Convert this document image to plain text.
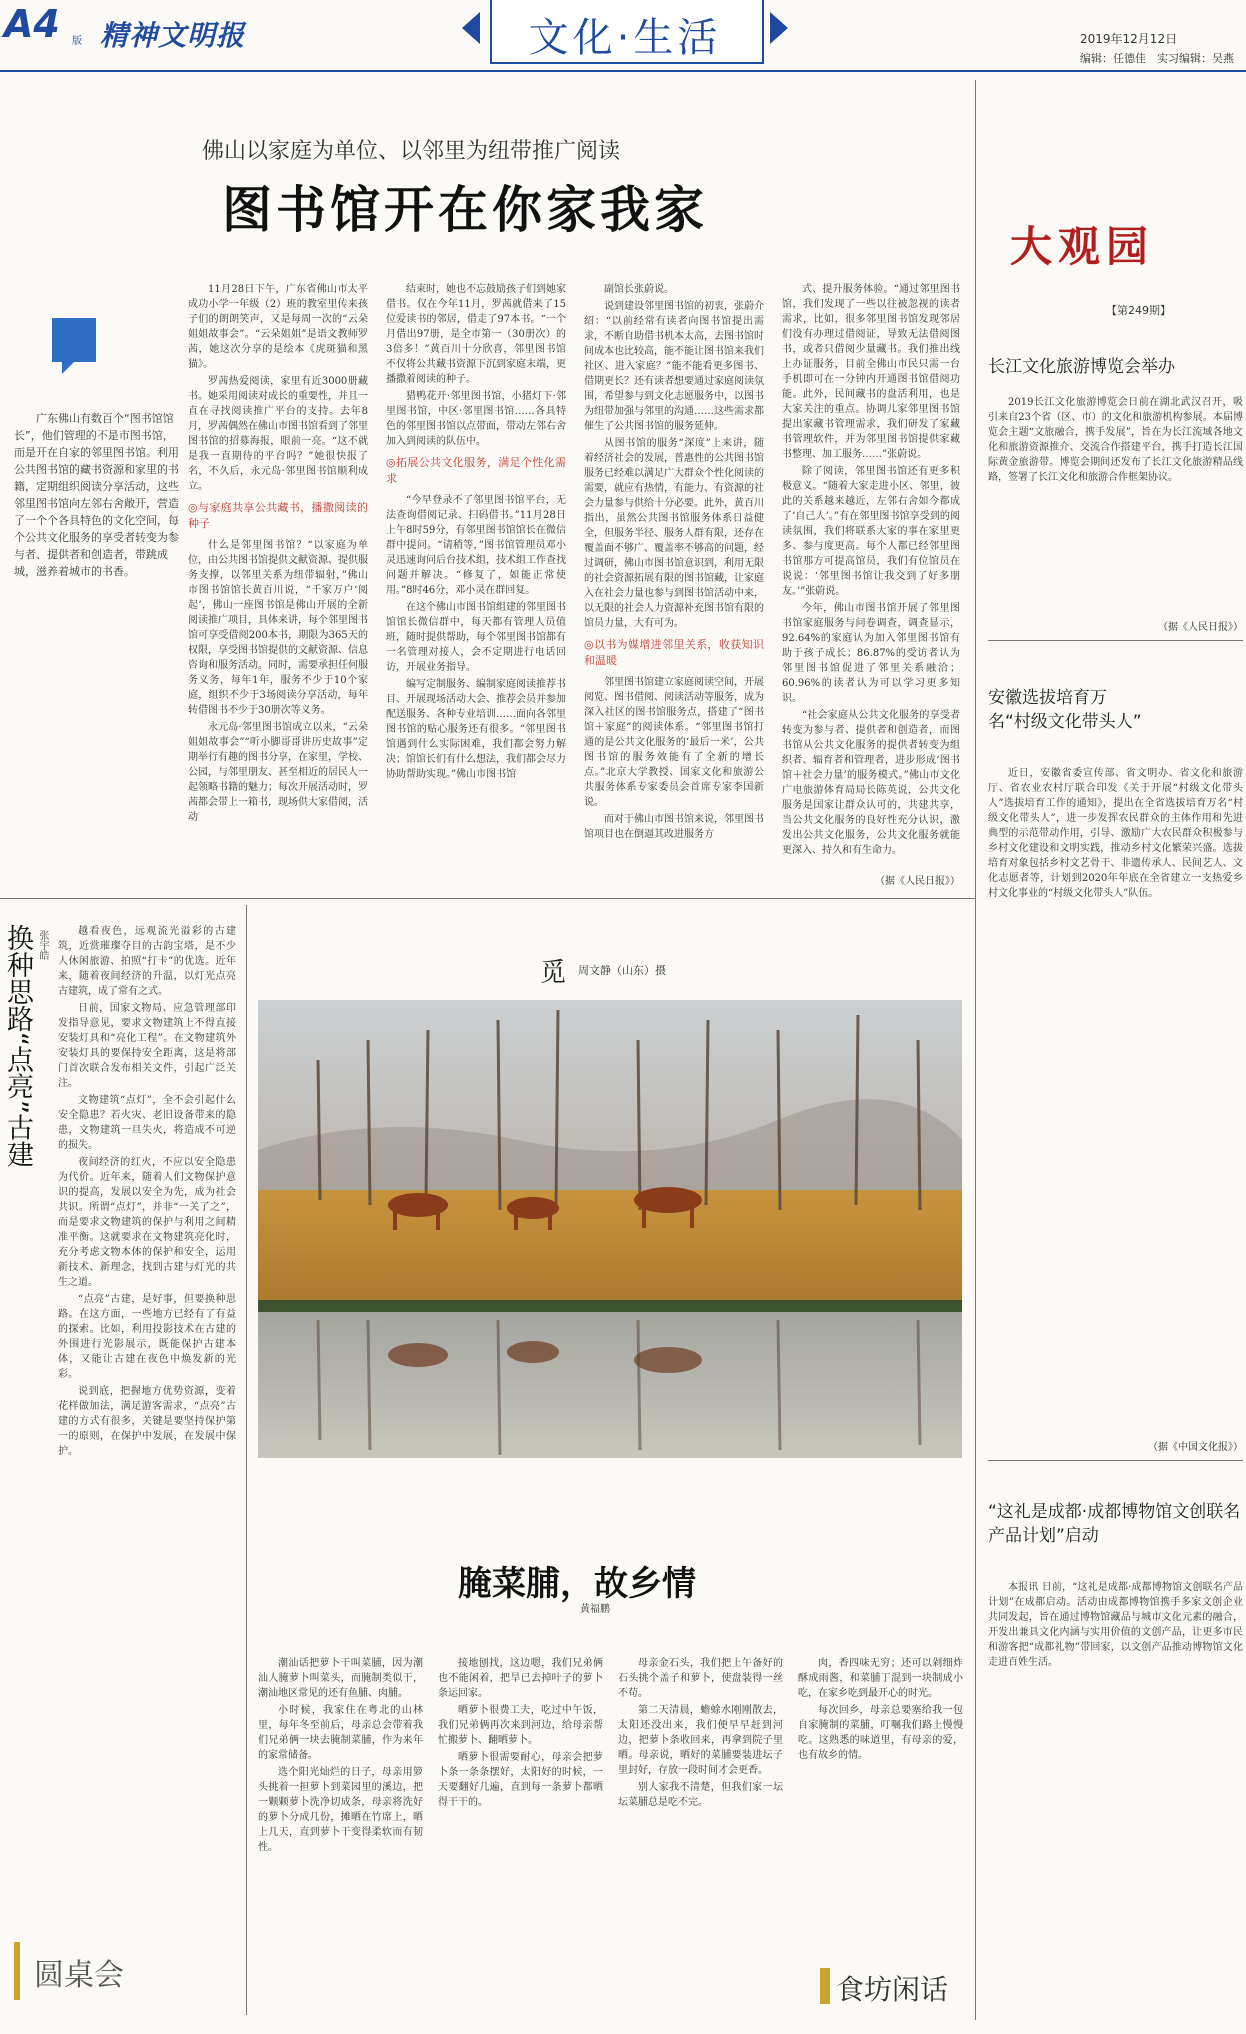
A4 版 精神文明报	文化·生活	2019年12月12日
编辑：任德佳　实习编辑：吴燕
佛山以家庭为单位、以邻里为纽带推广阅读
图书馆开在你家我家

广东佛山有数百个“图书馆馆长”，他们管理的不是市图书馆，而是开在自家的邻里图书馆。利用公共图书馆的藏书资源和家里的书籍，定期组织阅读分享活动，这些邻里图书馆向左邻右舍敞开，营造了一个个各具特色的文化空间，每个公共文化服务的享受者转变为参与者、提供者和创造者，带跳成城，滋养着城市的书香。

11月28日下午，广东省佛山市太平成功小学一年级（2）班的教室里传来孩子们的朗朗笑声，又是每周一次的“云朵姐姐故事会”。“云朵姐姐”是语文教师罗茜，她这次分享的是绘本《虎斑猫和黑猫》。

罗茜热爱阅读，家里有近3000册藏书。她采用阅读对成长的重要性，并且一直在寻找阅读推广平台的支持。去年8月，罗茜偶然在佛山市图书馆看到了邻里图书馆的招募海报，眼前一亮。“这不就是我一直期待的平台吗？”她很快报了名，不久后，永元岛·邻里图书馆顺利成立。

◎与家庭共享公共藏书，播撒阅读的种子

什么是邻里图书馆？“以家庭为单位，由公共图书馆提供文献资源、提供服务支撑，以邻里关系为纽带辐射，”佛山市图书馆馆长黄百川说，“千家万户‘阅起’，佛山一座图书馆是佛山开展的全新阅读推广项目，具体来讲，每个邻里图书馆可享受借阅200本书，期限为365天的权限，享受图书馆提供的文献资源、信息咨询和服务活动。同时，需要承担任何服务义务，每年1年，服务不少于10个家庭，组织不少于3场阅读分享活动，每年转借图书不少于30册次等义务。

永元岛·邻里图书馆成立以来，“云朵姐姐故事会”“听小脚哥哥讲历史故事”定期举行有趣的图书分享，在家里，学校、公园，与邻里朋友、甚至相近的居民人一起领略书籍的魅力；每次开展活动时，罗茜都会带上一箱书，现场供大家借阅，活动

结束时，她也不忘鼓励孩子们到她家借书。仅在今年11月，罗茜就借来了15位爱读书的邻居，借走了97本书。“一个月借出97册，是全市第一（30册次）的3倍多！”黄百川十分欣喜，邻里图书馆不仅将公共藏书资源下沉到家庭末端，更播撒着阅读的种子。

猎鸭花开·邻里图书馆，小猪灯下·邻里图书馆，中区·邻里图书馆……各具特色的邻里图书馆以点带面，带动左邻右舍加入到阅读的队伍中。

◎拓展公共文化服务，满足个性化需求

“今早登录不了邻里图书馆平台，无法查询借阅记录、扫码借书。”11月28日上午8时59分，有邻里图书馆馆长在微信群中提问。“请稍等，”图书馆管理员邓小灵迅速询问后台技术组，技术组工作查找问题并解决。“修复了，如能正常使用。”8时46分，邓小灵在群回复。

在这个佛山市图书馆组建的邻里图书馆馆长微信群中，每天都有管理人员值班，随时提供帮助，每个邻里图书馆都有一名管理对接人，会不定期进行电话回访，开展业务指导。

编写定制服务、编制家庭阅读推荐书目、开展现场活动大会、推荐会员并参加配送服务、各种专业培训……面向各邻里图书馆的贴心服务还有很多。“邻里图书馆遇到什么实际困难，我们都会努力解决；馆馆长们有什么想法，我们都会尽力协助帮助实现。”佛山市图书馆

副馆长张蔚说。

说到建设邻里图书馆的初衷，张蔚介绍：“以前经常有读者向图书馆提出需求，不断自助借书机本太高，去图书馆时间成本也比较高，能不能让图书馆来我们社区、进入家庭？”能不能看更多图书、借期更长？还有读者想要通过家庭阅读氛围，希望参与到文化志愿服务中，以图书为纽带加强与邻里的沟通……这些需求都催生了公共图书馆的服务延伸。

从图书馆的服务“深度”上来讲，随着经济社会的发展，普惠性的公共图书馆服务已经难以满足广大群众个性化阅读的需要，就应有热情，有能力、有资源的社会力量参与供给十分必要。此外，黄百川指出，虽然公共图书馆服务体系日益健全，但服务半径、服务人群有限，还存在覆盖面不够广、覆盖率不够高的问题，经过调研，佛山市图书馆意识到，利用无限的社会资源拓展有限的图书馆藏，让家庭入在社会力量也参与到图书馆活动中来，以无限的社会人力资源补充图书馆有限的馆员力量，大有可为。

◎以书为媒增进邻里关系，收获知识和温暖

邻里图书馆建立家庭阅读空间，开展阅览、图书借阅、阅读活动等服务，成为深入社区的图书馆服务点，搭建了“图书馆＋家庭”的阅读体系。“邻里图书馆打通的是公共文化服务的‘最后一米’，公共图书馆的服务效能有了全新的增长点。”北京大学教授、国家文化和旅游公共服务体系专家委员会首席专家李国新说。

而对于佛山市图书馆来说，邻里图书馆项目也在倒逼其改进服务方

式、提升服务体验。“通过邻里图书馆，我们发现了一些以往被忽视的读者需求，比如，很多邻里图书馆发现邻居们没有办理过借阅证，导致无法借阅图书，或者只借阅少量藏书。我们推出线上办证服务，目前全佛山市民只需一台手机即可在一分钟内开通图书馆借阅功能。此外，民间藏书的盘活利用，也是大家关注的重点。协调儿家邻里图书馆提出家藏书管理需求，我们研发了家藏书管理软件，并为邻里图书馆提供家藏书整理、加工服务……”张蔚说。

除了阅读，邻里图书馆还有更多积极意义。“随着大家走进小区、邻里，彼此的关系越来越近，左邻右舍如今都成了‘自己人’。”有在邻里图书馆享受到的阅读氛围，我们将联系大家的事在家里更多、参与度更高。每个人都已经邻里图书馆那方可提高馆员，我们有位馆员在说说：‘邻里图书馆让我交到了好多朋友。’”张蔚说。

今年，佛山市图书馆开展了邻里图书馆家庭服务与问卷调查，调查显示，92.64%的家庭认为加入邻里图书馆有助于孩子成长；86.87%的受访者认为邻里图书馆促进了邻里关系融洽；60.96%的读者认为可以学习更多知识。

“社会家庭从公共文化服务的享受者转变为参与者、提供者和创造者，而图书馆从公共文化服务的提供者转变为组织者、辐育者和管理者，进步形成‘图书馆＋社会力量’的服务模式。”佛山市文化广电旅游体育局局长陈英说，公共文化服务是国家让群众认可的，共建共享，当公共文化服务的良好性充分认识，激发出公共文化服务，公共文化服务就能更深入、持久和有生命力。

（据《人民日报》）
换种思路“点亮”古建 张宇皓	越看夜色，远观流光溢彩的古建筑，近赏璀璨夺目的古韵宝塔，是不少人休闲旅游、拍照“打卡”的优选。近年来，随着夜间经济的升温，以灯光点亮古建筑，成了常有之式。

日前，国家文物局、应急管理部印发指导意见，要求文物建筑上不得直接安装灯具和“亮化工程”。在文物建筑外安装灯具的要保持安全距离，这是将部门首次联合发布相关文件，引起广泛关注。

文物建筑“点灯”，全不会引起什么安全隐患？若火灾、老旧设备带来的隐患，文物建筑一旦失火，将造成不可逆的损失。

夜间经济的红火，不应以安全隐患为代价。近年来，随着人们文物保护意识的提高，发展以安全为先，成为社会共识。所谓“点灯”，并非“一关了之”，而是要求文物建筑的保护与利用之间精准平衡。这就要求在文物建筑亮化时，充分考虑文物本体的保护和安全，运用新技术、新理念，找到古建与灯光的共生之道。

“点亮”古建，是好事，但要换种思路。在这方面，一些地方已经有了有益的探索。比如，利用投影技术在古建的外围进行光影展示，既能保护古建本体，又能让古建在夜色中焕发新的光彩。

说到底，把握地方优势资源，变着花样做加法，满足游客需求，“点亮”古建的方式有很多，关键是要坚持保护第一的原则，在保护中发展，在发展中保护。

圆桌会
觅 周文静（山东）摄
腌菜脯，故乡情
黄福鹏

潮汕话把萝卜干叫菜脯，因为潮汕人腌萝卜叫菜头，而腌制类似干，潮汕地区常见的还有鱼脯、肉脯。

小时候，我家住在粤北的山林里，每年冬至前后，母亲总会带着我们兄弟俩一块去腌制菜脯，作为来年的家常储备。

选个阳光灿烂的日子，母亲用箩头挑着一担萝卜到菜园里的溪边，把一颗颗萝卜洗净切成条，母亲将洗好的萝卜分成几份，摊晒在竹席上，晒上几天，直到萝卜干变得柔软而有韧性。

接地刨找，这边嗯，我们兄弟俩也不能闲着，把旱已去掉叶子的萝卜条运回家。

晒萝卜很费工夫，吃过中午饭，我们兄弟俩再次来到河边，给母亲帮忙搬萝卜、翻晒萝卜。

晒萝卜很需要耐心，母亲会把萝卜条一条条摆好，太阳好的时候，一天要翻好几遍，直到每一条萝卜都晒得干干的。

母亲金石头，我们把上午备好的石头挑个盖子和萝卜，使盘装得一丝不苟。

第二天清晨，蟾蜍水刚刚散去，太阳还没出来，我们便早早赶到河边，把萝卜条收回来，再拿到院子里晒。母亲说，晒好的菜脯要装进坛子里封好，存放一段时间才会更香。

别人家我不清楚，但我们家一坛坛菜脯总是吃不完。

肉，香四味无穷；还可以剁细炸酥成雨酱，和菜脯丁混到一块制成小吃，在家乡吃到最开心的时光。

每次回乡，母亲总要塞给我一包自家腌制的菜脯，叮嘱我们路上慢慢吃。这熟悉的味道里，有母亲的爱，也有故乡的情。

食坊闲话
大观园
【第249期】
长江文化旅游博览会举办

2019长江文化旅游博览会日前在湖北武汉召开，吸引来自23个省（区、市）的文化和旅游机构参展。本届博览会主题“文旅融合，携手发展”，旨在为长江流域各地文化和旅游资源推介、交流合作搭建平台，携手打造长江国际黄金旅游带。博览会期间还发布了长江文化旅游精品线路，签署了长江文化和旅游合作框架协议。

（据《人民日报》）
安徽选拔培育万名“村级文化带头人”

近日，安徽省委宣传部、省文明办、省文化和旅游厅、省农业农村厅联合印发《关于开展“村级文化带头人”选拔培育工作的通知》，提出在全省选拔培育万名“村级文化带头人”，进一步发挥农民群众的主体作用和先进典型的示范带动作用，引导、激励广大农民群众积极参与乡村文化建设和文明实践，推动乡村文化繁荣兴盛。选拔培育对象包括乡村文艺骨干、非遗传承人、民间艺人、文化志愿者等，计划到2020年年底在全省建立一支热爱乡村文化事业的“村级文化带头人”队伍。

（据《中国文化报》）
“这礼是成都·成都博物馆文创联名产品计划”启动

本报讯 日前，“这礼是成都·成都博物馆文创联名产品计划”在成都启动。活动由成都博物馆携手多家文创企业共同发起，旨在通过博物馆藏品与城市文化元素的融合，开发出兼具文化内涵与实用价值的文创产品，让更多市民和游客把“成都礼物”带回家，以文创产品推动博物馆文化走进百姓生活。
